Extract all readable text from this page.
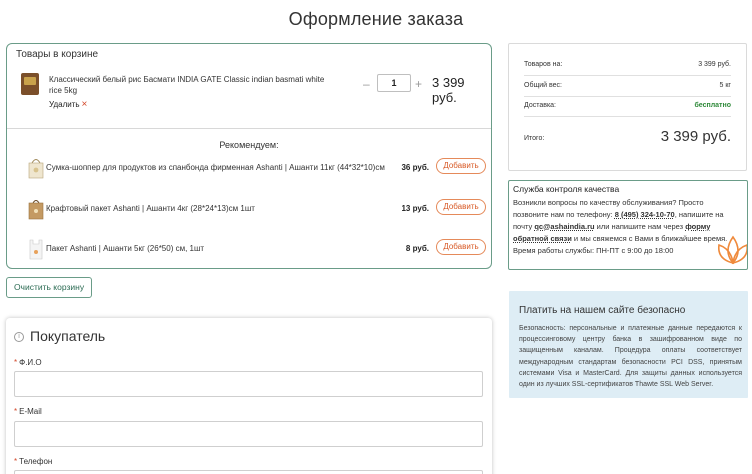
Оформление заказа
Товары в корзине
Классический белый рис Басмати INDIA GATE Classic indian basmati white rice 5kg
Удалить ×
–	1	+ 3 399 руб.
Рекомендуем:
Сумка-шоппер для продуктов из спанбонда фирменная Ashanti | Ашанти 11кг (44*32*10)см 36 руб.	Добавить
Крафтовый пакет Ashanti | Ашанти 4кг (28*24*13)см 1шт	13 руб.	Добавить
Пакет Ashanti | Ашанти 5кг (26*50) см, 1шт	8 руб.	Добавить
Очистить корзину
i Покупатель
* Ф.И.О
* E-Mail
* Телефон
Товаров на:	3 399 руб.
Общий вес:	5 кг
Доставка:	бесплатно
Итого:	3 399 руб.
Служба контроля качества
Возникли вопросы по качеству обслуживания? Просто позвоните нам по телефону: 8 (495) 324-10-70, напишите на почту qc@ashaindia.ru или напишите нам через форму обратной связи и мы свяжемся с Вами в ближайшее время. Время работы службы: ПН-ПТ с 9:00 до 18:00
Платить на нашем сайте безопасно
Безопасность: персональные и платежные данные передаются к процессинговому центру банка в зашифрованном виде по защищенным каналам. Процедура оплаты соответствует международным стандартам безопасности PCI DSS, принятым системами Visa и MasterCard. Для защиты данных используется один из лучших SSL-сертификатов Thawte SSL Web Server.
